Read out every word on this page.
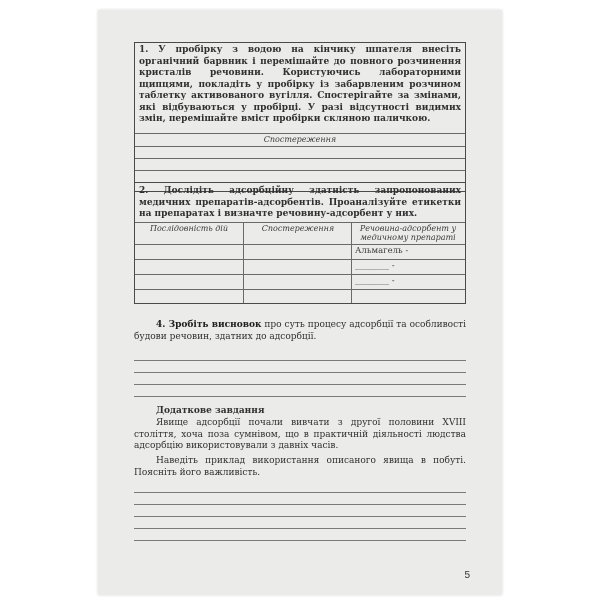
1. У пробірку з водою на кінчику шпателя внесіть органічний барвник і перемішайте до повного розчинення кристалів речовини. Користуючись лабораторними щипцями, покладіть у пробірку із забарвленим розчином таблетку активованого вугілля. Спостерігайте за змінами, які відбуваються у пробірці. У разі відсутності видимих змін, перемішайте вміст пробірки скляною паличкою.
Спостереження
2. Дослідіть адсорбційну здатність запропонованих медичних препаратів-адсорбентів. Проаналізуйте етикетки на препаратах і визначте речовину-адсорбент у них.
Послідовність дій	Спостереження	Речовина-адсорбент у медичному препараті
Альмагель -
________ -
________ -
4. Зробіть висновок про суть процесу адсорбції та особливості будови речовин, здатних до адсорбції.
Додаткове завдання
Явище адсорбції почали вивчати з другої половини XVIII століття, хоча поза сумнівом, що в практичній діяльності людства адсорбцію використовували з давніх часів.
Наведіть приклад використання описаного явища в побуті. Поясніть його важливість.
5
